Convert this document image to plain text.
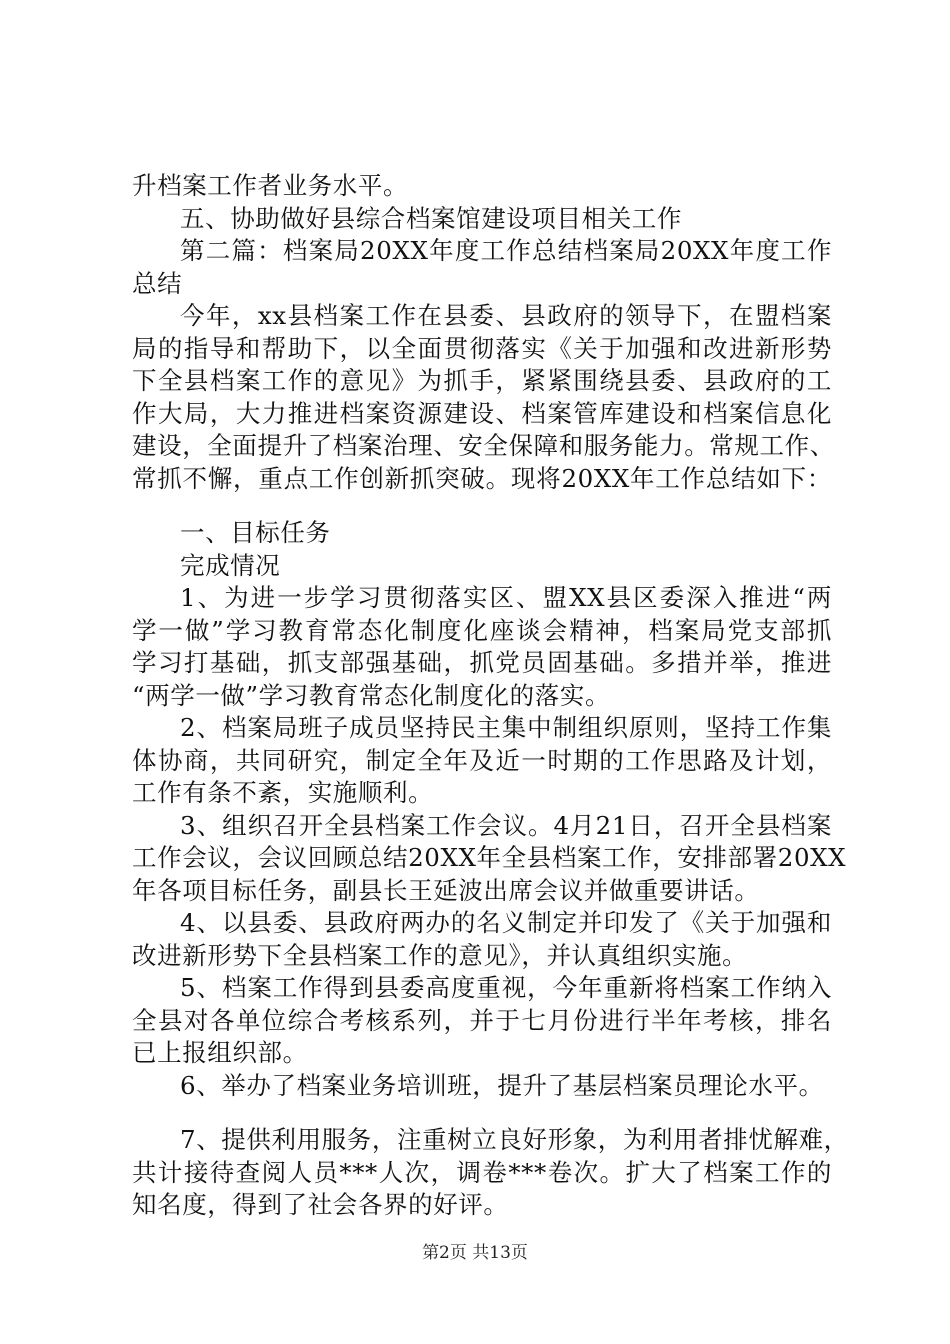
升档案工作者业务水平。
五、协助做好县综合档案馆建设项目相关工作
第二篇：档案局20XX年度工作总结档案局20XX年度工作
总结
今年，xx县档案工作在县委、县政府的领导下，在盟档案
局的指导和帮助下，以全面贯彻落实《关于加强和改进新形势
下全县档案工作的意见》为抓手，紧紧围绕县委、县政府的工
作大局，大力推进档案资源建设、档案管库建设和档案信息化
建设，全面提升了档案治理、安全保障和服务能力。常规工作、
常抓不懈，重点工作创新抓突破。现将20XX年工作总结如下：
一、目标任务
完成情况
1、为进一步学习贯彻落实区、盟XX县区委深入推进“两
学一做”学习教育常态化制度化座谈会精神，档案局党支部抓
学习打基础，抓支部强基础，抓党员固基础。多措并举，推进
“两学一做”学习教育常态化制度化的落实。
2、档案局班子成员坚持民主集中制组织原则，坚持工作集
体协商，共同研究，制定全年及近一时期的工作思路及计划，
工作有条不紊，实施顺利。
3、组织召开全县档案工作会议。4月21日，召开全县档案
工作会议，会议回顾总结20XX年全县档案工作，安排部署20XX
年各项目标任务，副县长王延波出席会议并做重要讲话。
4、以县委、县政府两办的名义制定并印发了《关于加强和
改进新形势下全县档案工作的意见》，并认真组织实施。
5、档案工作得到县委高度重视，今年重新将档案工作纳入
全县对各单位综合考核系列，并于七月份进行半年考核，排名
已上报组织部。
6、举办了档案业务培训班，提升了基层档案员理论水平。
7、提供利用服务，注重树立良好形象，为利用者排忧解难，
共计接待查阅人员***人次，调卷***卷次。扩大了档案工作的
知名度，得到了社会各界的好评。
第2页 共13页
